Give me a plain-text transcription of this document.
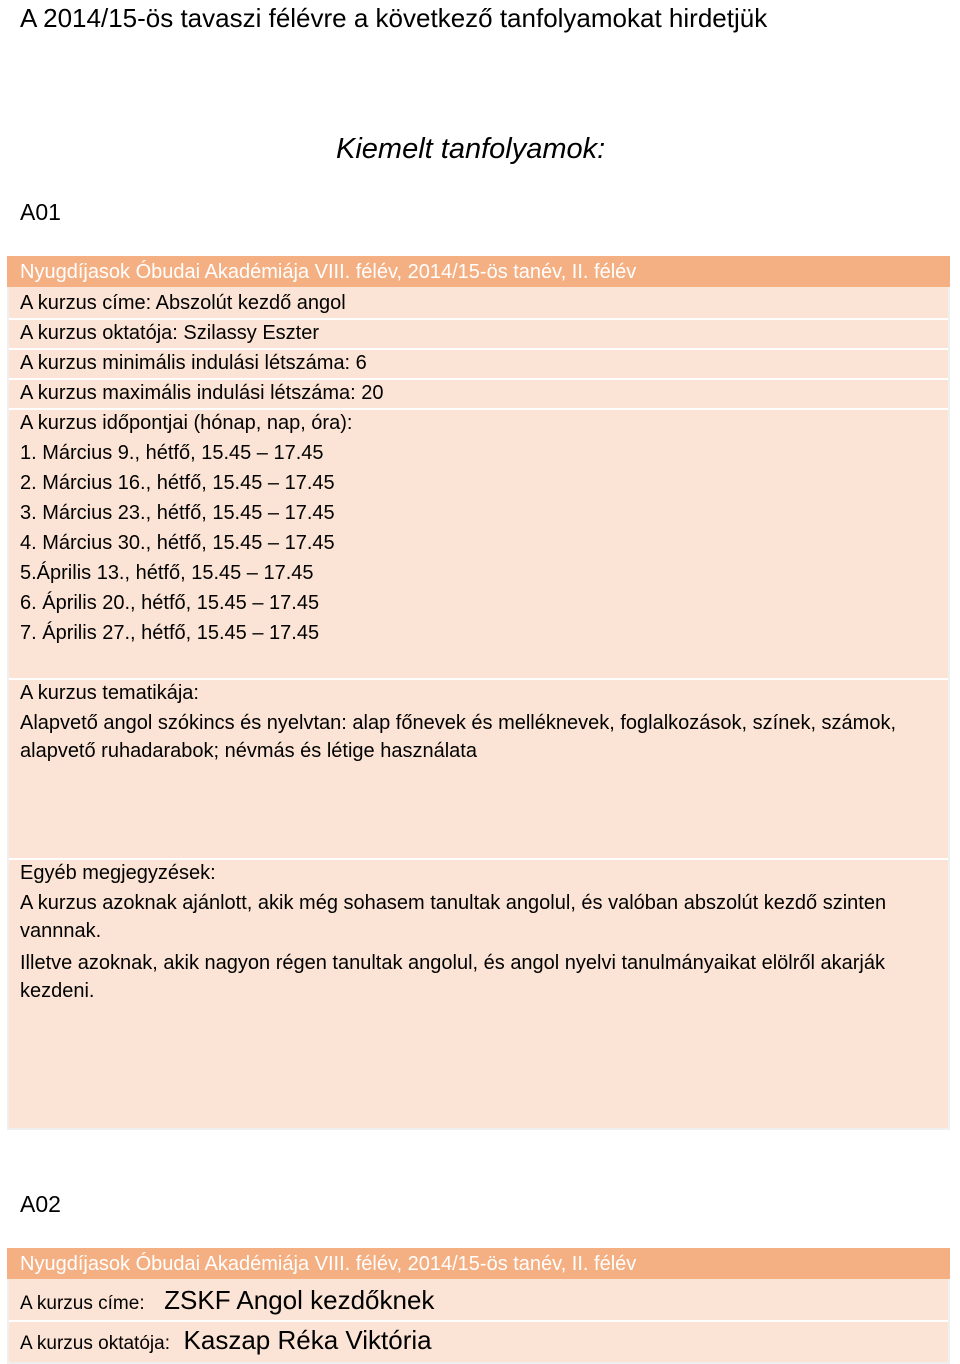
A 2014/15-ös tavaszi félévre a következő tanfolyamokat hirdetjük
Kiemelt tanfolyamok:
A01
Nyugdíjasok Óbudai Akadémiája VIII. félév, 2014/15-ös tanév, II. félév
A kurzus címe: Abszolút kezdő angol
A kurzus oktatója: Szilassy Eszter
A kurzus minimális indulási létszáma: 6
A kurzus maximális indulási létszáma: 20
A kurzus időpontjai (hónap, nap, óra):
1. Március 9., hétfő, 15.45 – 17.45
2. Március 16., hétfő, 15.45 – 17.45
3. Március 23., hétfő, 15.45 – 17.45
4. Március 30., hétfő, 15.45 – 17.45
5.Április 13., hétfő, 15.45 – 17.45
6. Április 20., hétfő, 15.45 – 17.45
7. Április 27., hétfő, 15.45 – 17.45
A kurzus tematikája:
Alapvető angol szókincs és nyelvtan: alap főnevek és melléknevek, foglalkozások, színek, számok, alapvető ruhadarabok; névmás és létige használata
Egyéb megjegyzések:
A kurzus azoknak ajánlott, akik még sohasem tanultak angolul, és valóban abszolút kezdő szinten vannnak.
Illetve azoknak, akik nagyon régen tanultak angolul, és angol nyelvi tanulmányaikat elölről akarják kezdeni.
A02
Nyugdíjasok Óbudai Akadémiája VIII. félév, 2014/15-ös tanév, II. félév
A kurzus címe: ZSKF Angol kezdőknek
A kurzus oktatója: Kaszap Réka Viktória
